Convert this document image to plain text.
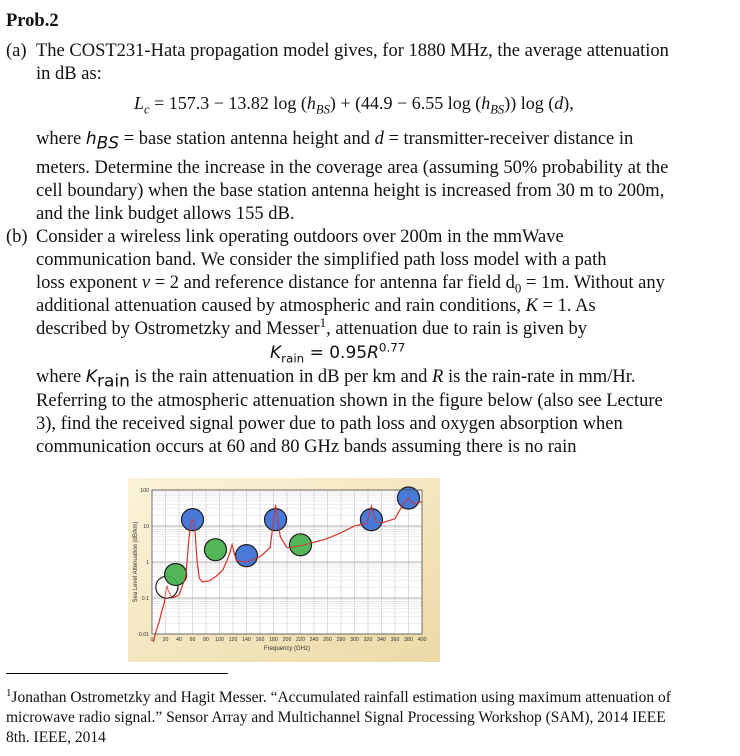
Prob.2
(a) The COST231-Hata propagation model gives, for 1880 MHz, the average attenuation
in dB as:
$L_c = 157.3 - 13.82$ $\log (h_{BS}) + (44.9 - 6.55$ $\log (h_{BS})$) log (d),
where $h_{BS}$ = base station antenna height and d = transmitter-receiver distance in
meters. Determine the increase in the coverage area (assuming 50% probability at the
cell boundary) when the base station antenna height is increased from 30 m to 200m,
and the link budget allows 155 dB.
(b) Consider a wireless link operating outdoors over 200m in the mmWave
communication band. We consider the simplified path loss model with a path
loss exponent v = 2 and reference distance for antenna far field $d_0 = 1m$. Without any
additional attenuation caused by atmospheric and rain conditions, K = 1. As
described by Ostrometzky and Messer$^1$, attenuation due to rain is given by
$K_{rain} = 0.95R^{0.77}$
where $K_{rain}$ is the rain attenuation in dB per km and R is the rain-rate in mm/Hr.
Referring to the atmospheric attenuation shown in the figure below (also see Lecture
3), find the received signal power due to path loss and oxygen absorption when
communication occurs at 60 and 80 GHz bands assuming there is no rain
0 20 40 60 80 100 120 140 160 180 200 220 240 260 280 300 320 340 360 380 400
0.01
0.1
1
10
100
Sea Level Attenuation (dB/km)
Frequency (GHz)
$^1$Jonathan Ostrometzky and Hagit Messer. “Accumulated rainfall estimation using maximum attenuation of
microwave radio signal.” Sensor Array and Multichannel Signal Processing Workshop (SAM), 2014 IEEE
8th. IEEE, 2014
